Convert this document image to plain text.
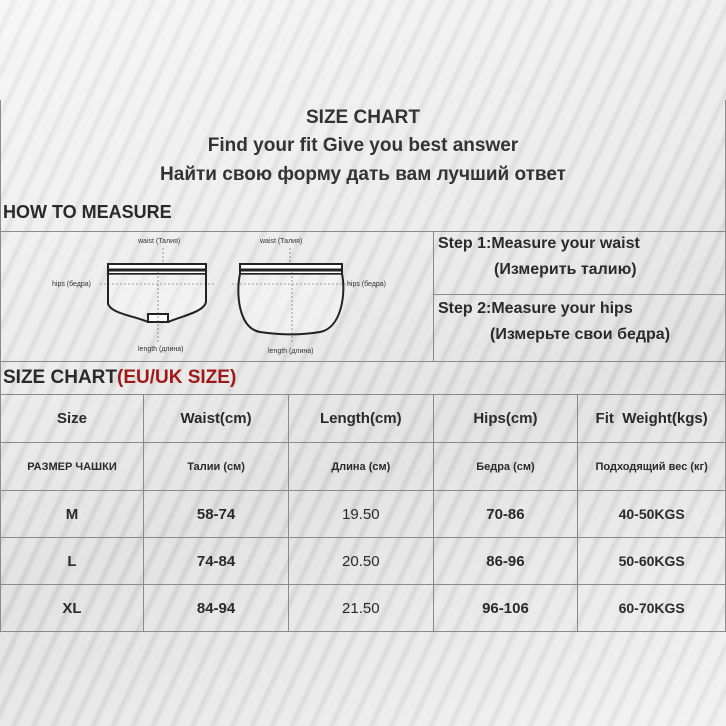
SIZE CHART
Find your fit Give you best answer
Найти свою форму дать вам лучший ответ
HOW TO MEASURE
waist (Талия)	waist (Талия)
hips (бедра)	hips (бедра)
length (длина)	length (длина)
Step 1:Measure your waist
(Измерить талию)
Step 2:Measure your hips
(Измерьте свои бедра)
SIZE CHART(EU/UK SIZE)
Size	Waist(cm)	Length(cm)	Hips(cm)	Fit  Weight(kgs)
РАЗМЕР ЧАШКИ	Талии (см)	Длина (см)	Бедра (см)	Подходящий вес (кг)
M	58-74	19.50	70-86	40-50KGS
L	74-84	20.50	86-96	50-60KGS
XL	84-94	21.50	96-106	60-70KGS
